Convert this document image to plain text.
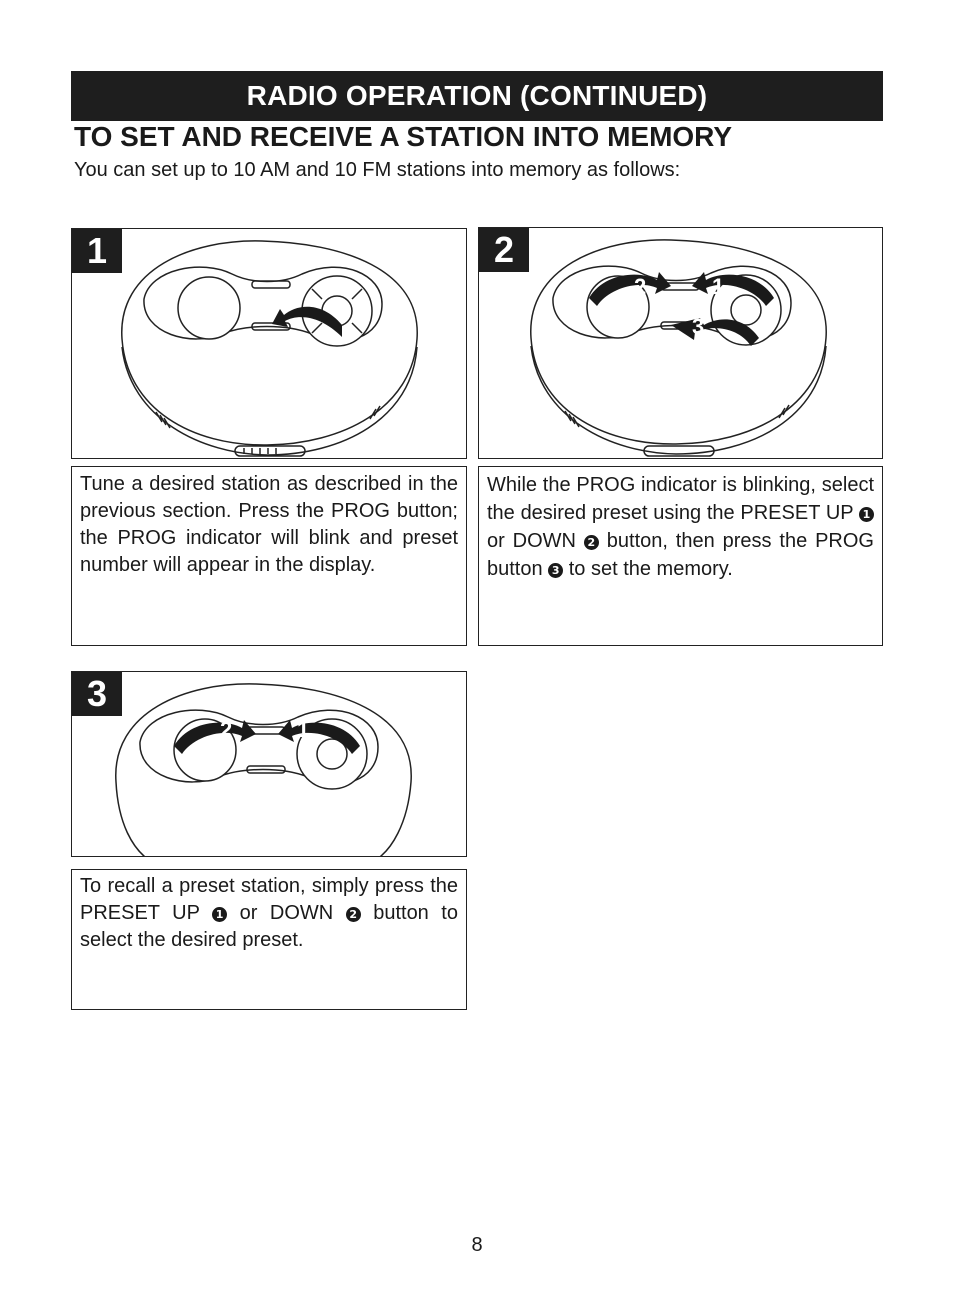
RADIO OPERATION (CONTINUED)
TO SET AND RECEIVE A STATION INTO MEMORY
You can set up to 10 AM and 10 FM stations into memory as follows:
1	2
2	1
3

Tune a desired station as described in the previous section. Press the PROG button; the PROG indicator will blink and preset number will appear in the display.

While the PROG indicator is blinking, select the desired preset using the PRESET UP 1 or DOWN 2 button, then press the PROG button 3 to set the memory.

3
2	1

To recall a preset station, simply press the PRESET UP 1 or DOWN 2 button to select the desired preset.

8
